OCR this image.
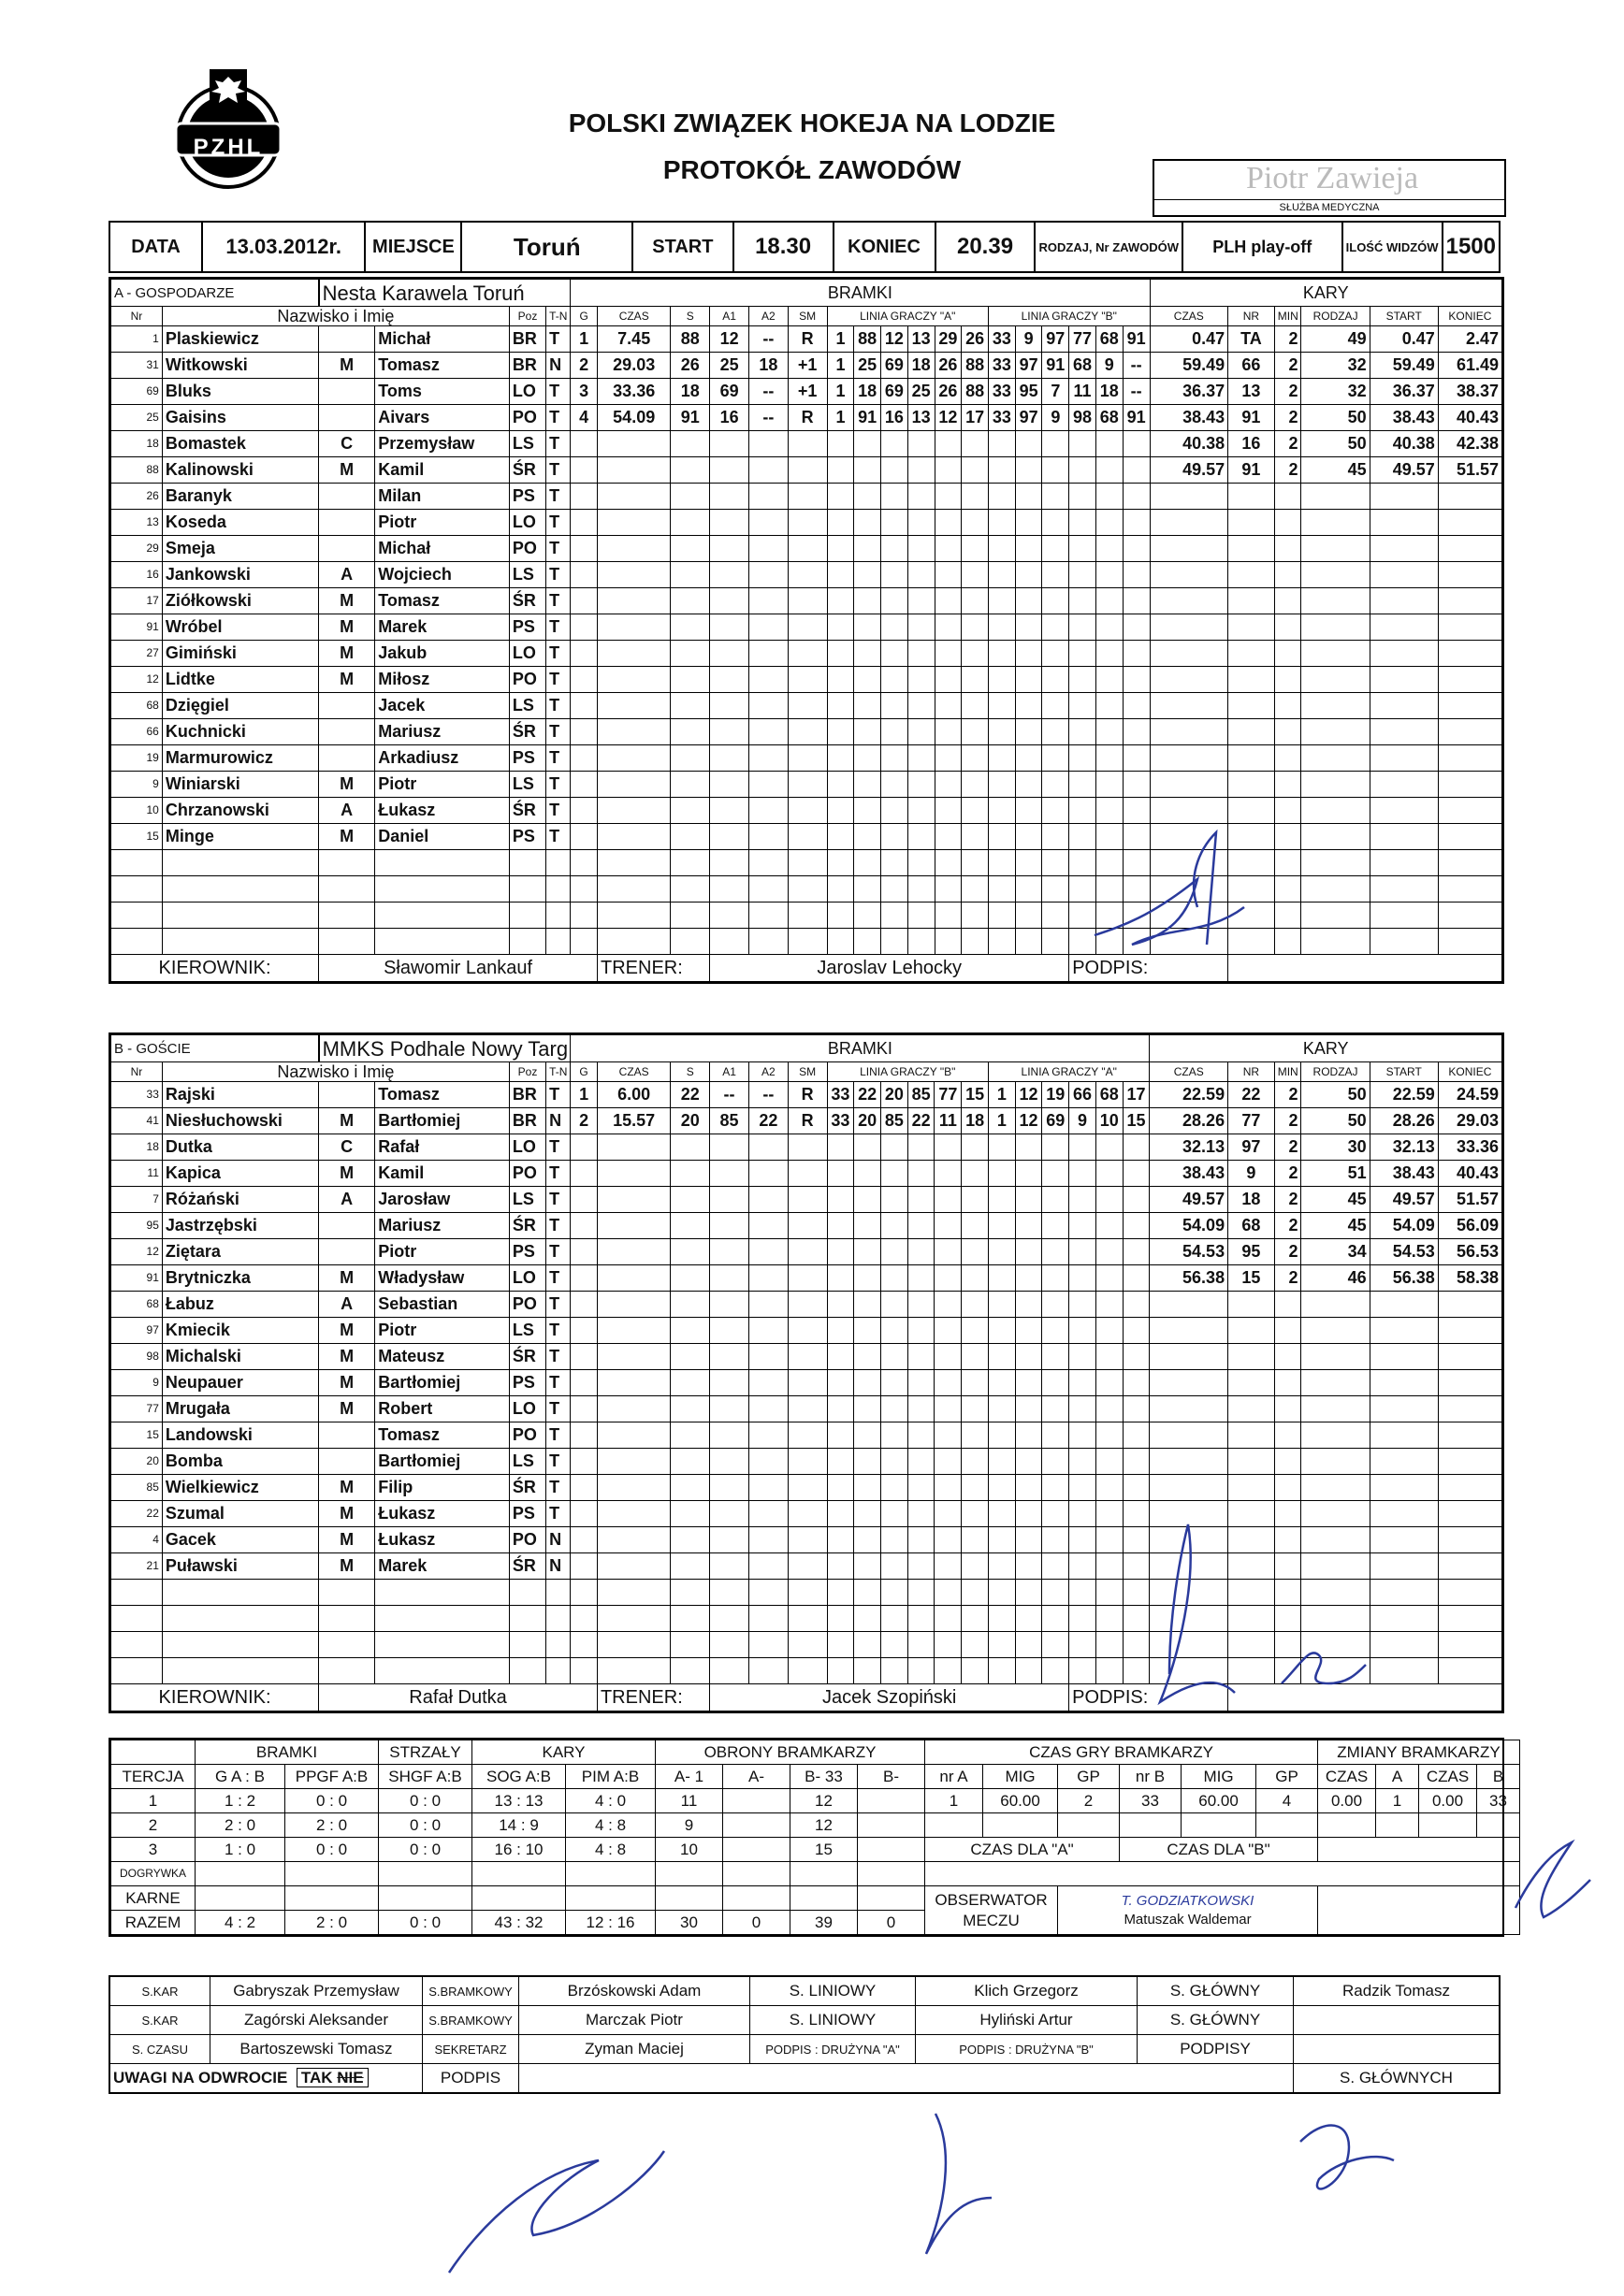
PZHL
POLSKI ZWIĄZEK HOKEJA NA LODZIE
PROTOKÓŁ ZAWODÓW	Piotr Zawieja
SŁUŻBA MEDYCZNA
DATA	13.03.2012r.	MIEJSCE	Toruń	START	18.30	KONIEC	20.39	RODZAJ, Nr ZAWODÓW	PLH play-off	ILOŚĆ WIDZÓW	1500
A - GOSPODARZE		Nesta Karawela Toruń				BRAMKI																		KARY					
Nr	Nazwisko i Imię			Poz	T-N	G	CZAS	S	A1	A2	SM	LINIA GRACZY "A"						LINIA GRACZY "B"						CZAS	NR	MIN	RODZAJ	START	KONIEC
1	Plaskiewicz		Michał	BR	T	1	7.45	88	12	--	R	1	88	12	13	29	26	33	9	97	77	68	91	0.47	TA	2	49	0.47	2.47
31	Witkowski	M	Tomasz	BR	N	2	29.03	26	25	18	+1	1	25	69	18	26	88	33	97	91	68	9	--	59.49	66	2	32	59.49	61.49
69	Bluks		Toms	LO	T	3	33.36	18	69	--	+1	1	18	69	25	26	88	33	95	7	11	18	--	36.37	13	2	32	36.37	38.37
25	Gaisins		Aivars	PO	T	4	54.09	91	16	--	R	1	91	16	13	12	17	33	97	9	98	68	91	38.43	91	2	50	38.43	40.43
18	Bomastek	C	Przemysław	LS	T																			40.38	16	2	50	40.38	42.38
88	Kalinowski	M	Kamil	ŚR	T																			49.57	91	2	45	49.57	51.57
26	Baranyk		Milan	PS	T																								
13	Koseda		Piotr	LO	T																								
29	Smeja		Michał	PO	T																								
16	Jankowski	A	Wojciech	LS	T																								
17	Ziółkowski	M	Tomasz	ŚR	T																								
91	Wróbel	M	Marek	PS	T																								
27	Gimiński	M	Jakub	LO	T																								
12	Lidtke	M	Miłosz	PO	T																								
68	Dzięgiel		Jacek	LS	T																								
66	Kuchnicki		Mariusz	ŚR	T																								
19	Marmurowicz		Arkadiusz	PS	T																								
9	Winiarski	M	Piotr	LS	T																								
10	Chrzanowski	A	Łukasz	ŚR	T																								
15	Minge	M	Daniel	PS	T																								

KIEROWNIK:		Sławomir Lankauf					TRENER:		Jaroslav Lehocky												PODPIS:								
B - GOŚCIE		MMKS Podhale Nowy Targ				BRAMKI																		KARY					
Nr	Nazwisko i Imię			Poz	T-N	G	CZAS	S	A1	A2	SM	LINIA GRACZY "B"						LINIA GRACZY "A"						CZAS	NR	MIN	RODZAJ	START	KONIEC
33	Rajski		Tomasz	BR	T	1	6.00	22	--	--	R	33	22	20	85	77	15	1	12	19	66	68	17	22.59	22	2	50	22.59	24.59
41	Niesłuchowski	M	Bartłomiej	BR	N	2	15.57	20	85	22	R	33	20	85	22	11	18	1	12	69	9	10	15	28.26	77	2	50	28.26	29.03
18	Dutka	C	Rafał	LO	T																			32.13	97	2	30	32.13	33.36
11	Kapica	M	Kamil	PO	T																			38.43	9	2	51	38.43	40.43
7	Różański	A	Jarosław	LS	T																			49.57	18	2	45	49.57	51.57
95	Jastrzębski		Mariusz	ŚR	T																			54.09	68	2	45	54.09	56.09
12	Ziętara		Piotr	PS	T																			54.53	95	2	34	54.53	56.53
91	Brytniczka	M	Władysław	LO	T																			56.38	15	2	46	56.38	58.38
68	Łabuz	A	Sebastian	PO	T																								
97	Kmiecik	M	Piotr	LS	T																								
98	Michalski	M	Mateusz	ŚR	T																								
9	Neupauer	M	Bartłomiej	PS	T																								
77	Mrugała	M	Robert	LO	T																								
15	Landowski		Tomasz	PO	T																								
20	Bomba		Bartłomiej	LS	T																								
85	Wielkiewicz	M	Filip	ŚR	T																								
22	Szumal	M	Łukasz	PS	T																								
4	Gacek	M	Łukasz	PO	N																								
21	Puławski	M	Marek	ŚR	N																								

KIEROWNIK:		Rafał Dutka					TRENER:		Jacek Szopiński												PODPIS:								
	BRAMKI		STRZAŁY	KARY		OBRONY BRAMKARZY				CZAS GRY BRAMKARZY						ZMIANY BRAMKARZY			
TERCJA	G A : B	PPGF A:B	SHGF A:B	SOG A:B	PIM A:B	A- 1	A-	B- 33	B-	nr A	MIG	GP	nr B	MIG	GP	CZAS	A	CZAS	B
1	1 : 2	0 : 0	0 : 0	13 : 13	4 : 0	11		12		1	60.00	2	33	60.00	4	0.00	1	0.00	33
2	2 : 0	2 : 0	0 : 0	14 : 9	4 : 8	9		12											
3	1 : 0	0 : 0	0 : 0	16 : 10	4 : 8	10		15		CZAS DLA "A"			CZAS DLA "B"						
DOGRYWKA																			
KARNE										OBSERWATOR MECZU		T. GODZIATKOWSKI
Matuszak Waldemar							

RAZEM	4 : 2	2 : 0	0 : 0	43 : 32	12 : 16	30	0	39	0										
S.KAR	Gabryszak Przemysław	S.BRAMKOWY	Brzóskowski Adam	S. LINIOWY	Klich Grzegorz	S. GŁÓWNY	Radzik Tomasz
S.KAR	Zagórski Aleksander	S.BRAMKOWY	Marczak Piotr	S. LINIOWY	Hyliński Artur	S. GŁÓWNY	
S. CZASU	Bartoszewski Tomasz	SEKRETARZ	Zyman Maciej	PODPIS : DRUŻYNA "A"	PODPIS : DRUŻYNA "B"	PODPISY	
UWAGI NA ODWROCIE TAK NIE		PODPIS					S. GŁÓWNYCH
